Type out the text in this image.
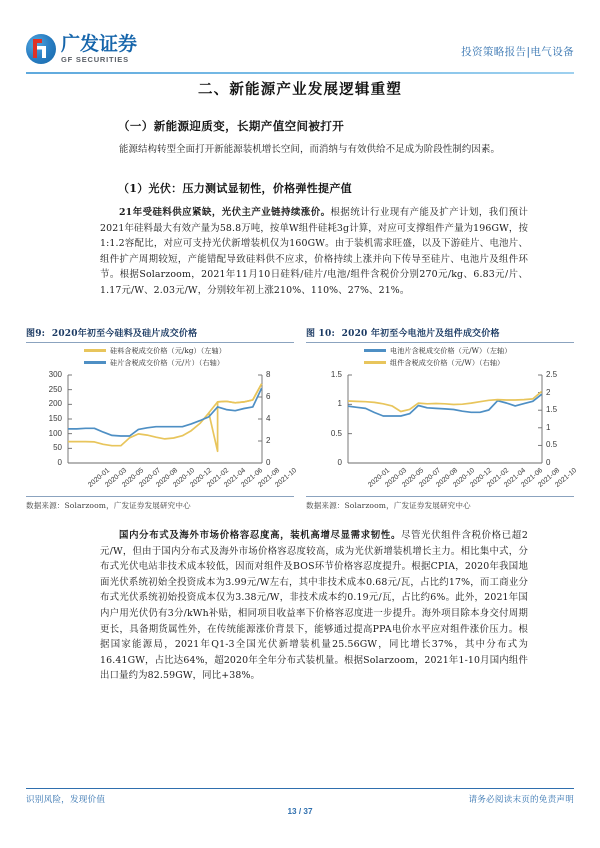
广发证券
GF SECURITIES
投资策略报告|电气设备
二、新能源产业发展逻辑重塑
（一）新能源迎质变，长期产值空间被打开
（1）光伏：压力测试显韧性，价格弹性提产值
能源结构转型全面打开新能源装机增长空间，而消纳与有效供给不足成为阶段性制约因素。
21年受硅料供应紧缺，光伏主产业链持续涨价。根据统计行业现有产能及扩产计划，我们预计2021年硅料最大有效产量为58.8万吨，按单W组件硅耗3g计算，对应可支撑组件产量为196GW，按1:1.2容配比，对应可支持光伏新增装机仅为160GW。由于装机需求旺盛，以及下游硅片、电池片、组件扩产周期较短，产能错配导致硅料供不应求，价格持续上涨并向下传导至硅片、电池片及组件环节。根据Solarzoom，2021年11月10日硅料/硅片/电池/组件含税价分别270元/kg、6.83元/片、1.17元/W、2.03元/W，分别较年初上涨210%、110%、27%、21%。
图9: 2020年初至今硅料及硅片成交价格
硅料含税成交价格（元/kg）（左轴）
硅片含税成交价格（元/片）（右轴）
300
250
200
150
100
50
0
8
6
4
2
0
2020-01
2020-03
2020-05
2020-07
2020-08
2020-10
2020-12
2021-02
2021-04
2021-06
2021-08
2021-10
数据来源：Solarzoom，广发证券发展研究中心
图 10: 2020 年初至今电池片及组件成交价格
电池片含税成交价格（元/W）（左轴）
组件含税成交价格（元/W）（右轴）
1.5
1
0.5
0
2.5
2
1.5
1
0.5
0
2020-01
2020-03
2020-05
2020-07
2020-08
2020-10
2020-12
2021-02
2021-04
2021-06
2021-08
2021-10
数据来源：Solarzoom，广发证券发展研究中心
国内分布式及海外市场价格容忍度高，装机高增尽显需求韧性。尽管光伏组件含税价格已超2元/W，但由于国内分布式及海外市场价格容忍度较高，成为光伏新增装机增长主力。相比集中式，分布式光伏电站非技术成本较低，因而对组件及BOS环节价格容忍度提升。根据CPIA，2020年我国地面光伏系统初始全投资成本为3.99元/W左右，其中非技术成本0.68元/瓦，占比约17%，而工商业分布式光伏系统初始投资成本仅为3.38元/W，非技术成本约0.19元/瓦，占比约6%。此外，2021年国内户用光伏仍有3分/kWh补贴，相同项目收益率下价格容忍度进一步提升。海外项目除本身交付周期更长，具备期货属性外，在传统能源涨价背景下，能够通过提高PPA电价水平应对组件涨价压力。根据国家能源局，2021年Q1-3全国光伏新增装机量25.56GW，同比增长37%，其中分布式为16.41GW，占比达64%，超2020年全年分布式装机量。根据Solarzoom，2021年1-10月国内组件出口量约为82.59GW，同比+38%。
识别风险，发现价值	请务必阅读末页的免责声明
13 / 37
